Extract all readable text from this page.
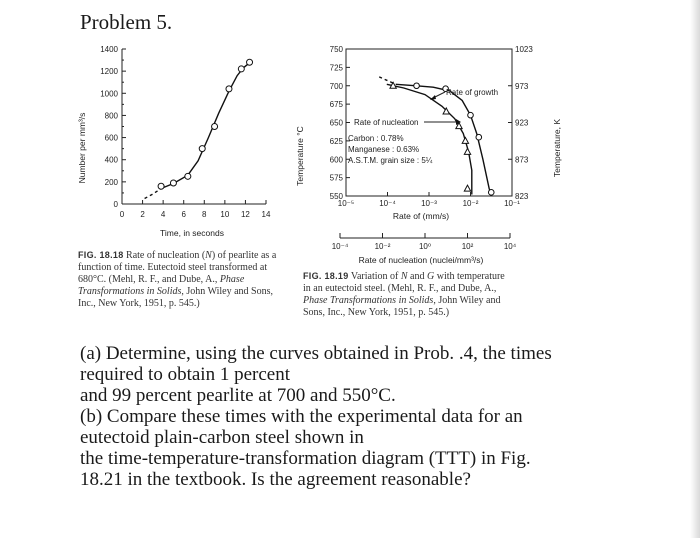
Problem 5.
0
200
400
600
800
1000
1200
1400
0 2 4 6 8 10 12 14
Number per mm³/s
Time, in seconds
FIG. 18.18 Rate of nucleation (N) of pearlite as a function of time. Eutectoid steel transformed at 680°C. (Mehl, R. F., and Dube, A., Phase Transformations in Solids, John Wiley and Sons, Inc., New York, 1951, p. 545.)
550
575
600
625
650
675
700
725
750
823
873
923
973
1023
10⁻⁵	10⁻⁴	10⁻³	10⁻²	10⁻¹
10⁻⁴	10⁻²	10⁰	10²	10⁴
Temperature °C	Temperature, K
Rate of (mm/s)
Rate of nucleation (nuclei/mm³/s)
Rate of growth
Rate of nucleation
Carbon : 0.78%
Manganese : 0.63%
A.S.T.M. grain size : 5¼
FIG. 18.19 Variation of N and G with temperature
in an eutectoid steel. (Mehl, R. F., and Dube, A.,
Phase Transformations in Solids, John Wiley and
Sons, Inc., New York, 1951, p. 545.)
(a) Determine, using the curves obtained in Prob. .4, the times
required to obtain 1 percent
and 99 percent pearlite at 700 and 550°C.
(b) Compare these times with the experimental data for an
eutectoid plain-carbon steel shown in
the time-temperature-transformation diagram (TTT) in Fig.
18.21 in the textbook. Is the agreement reasonable?
